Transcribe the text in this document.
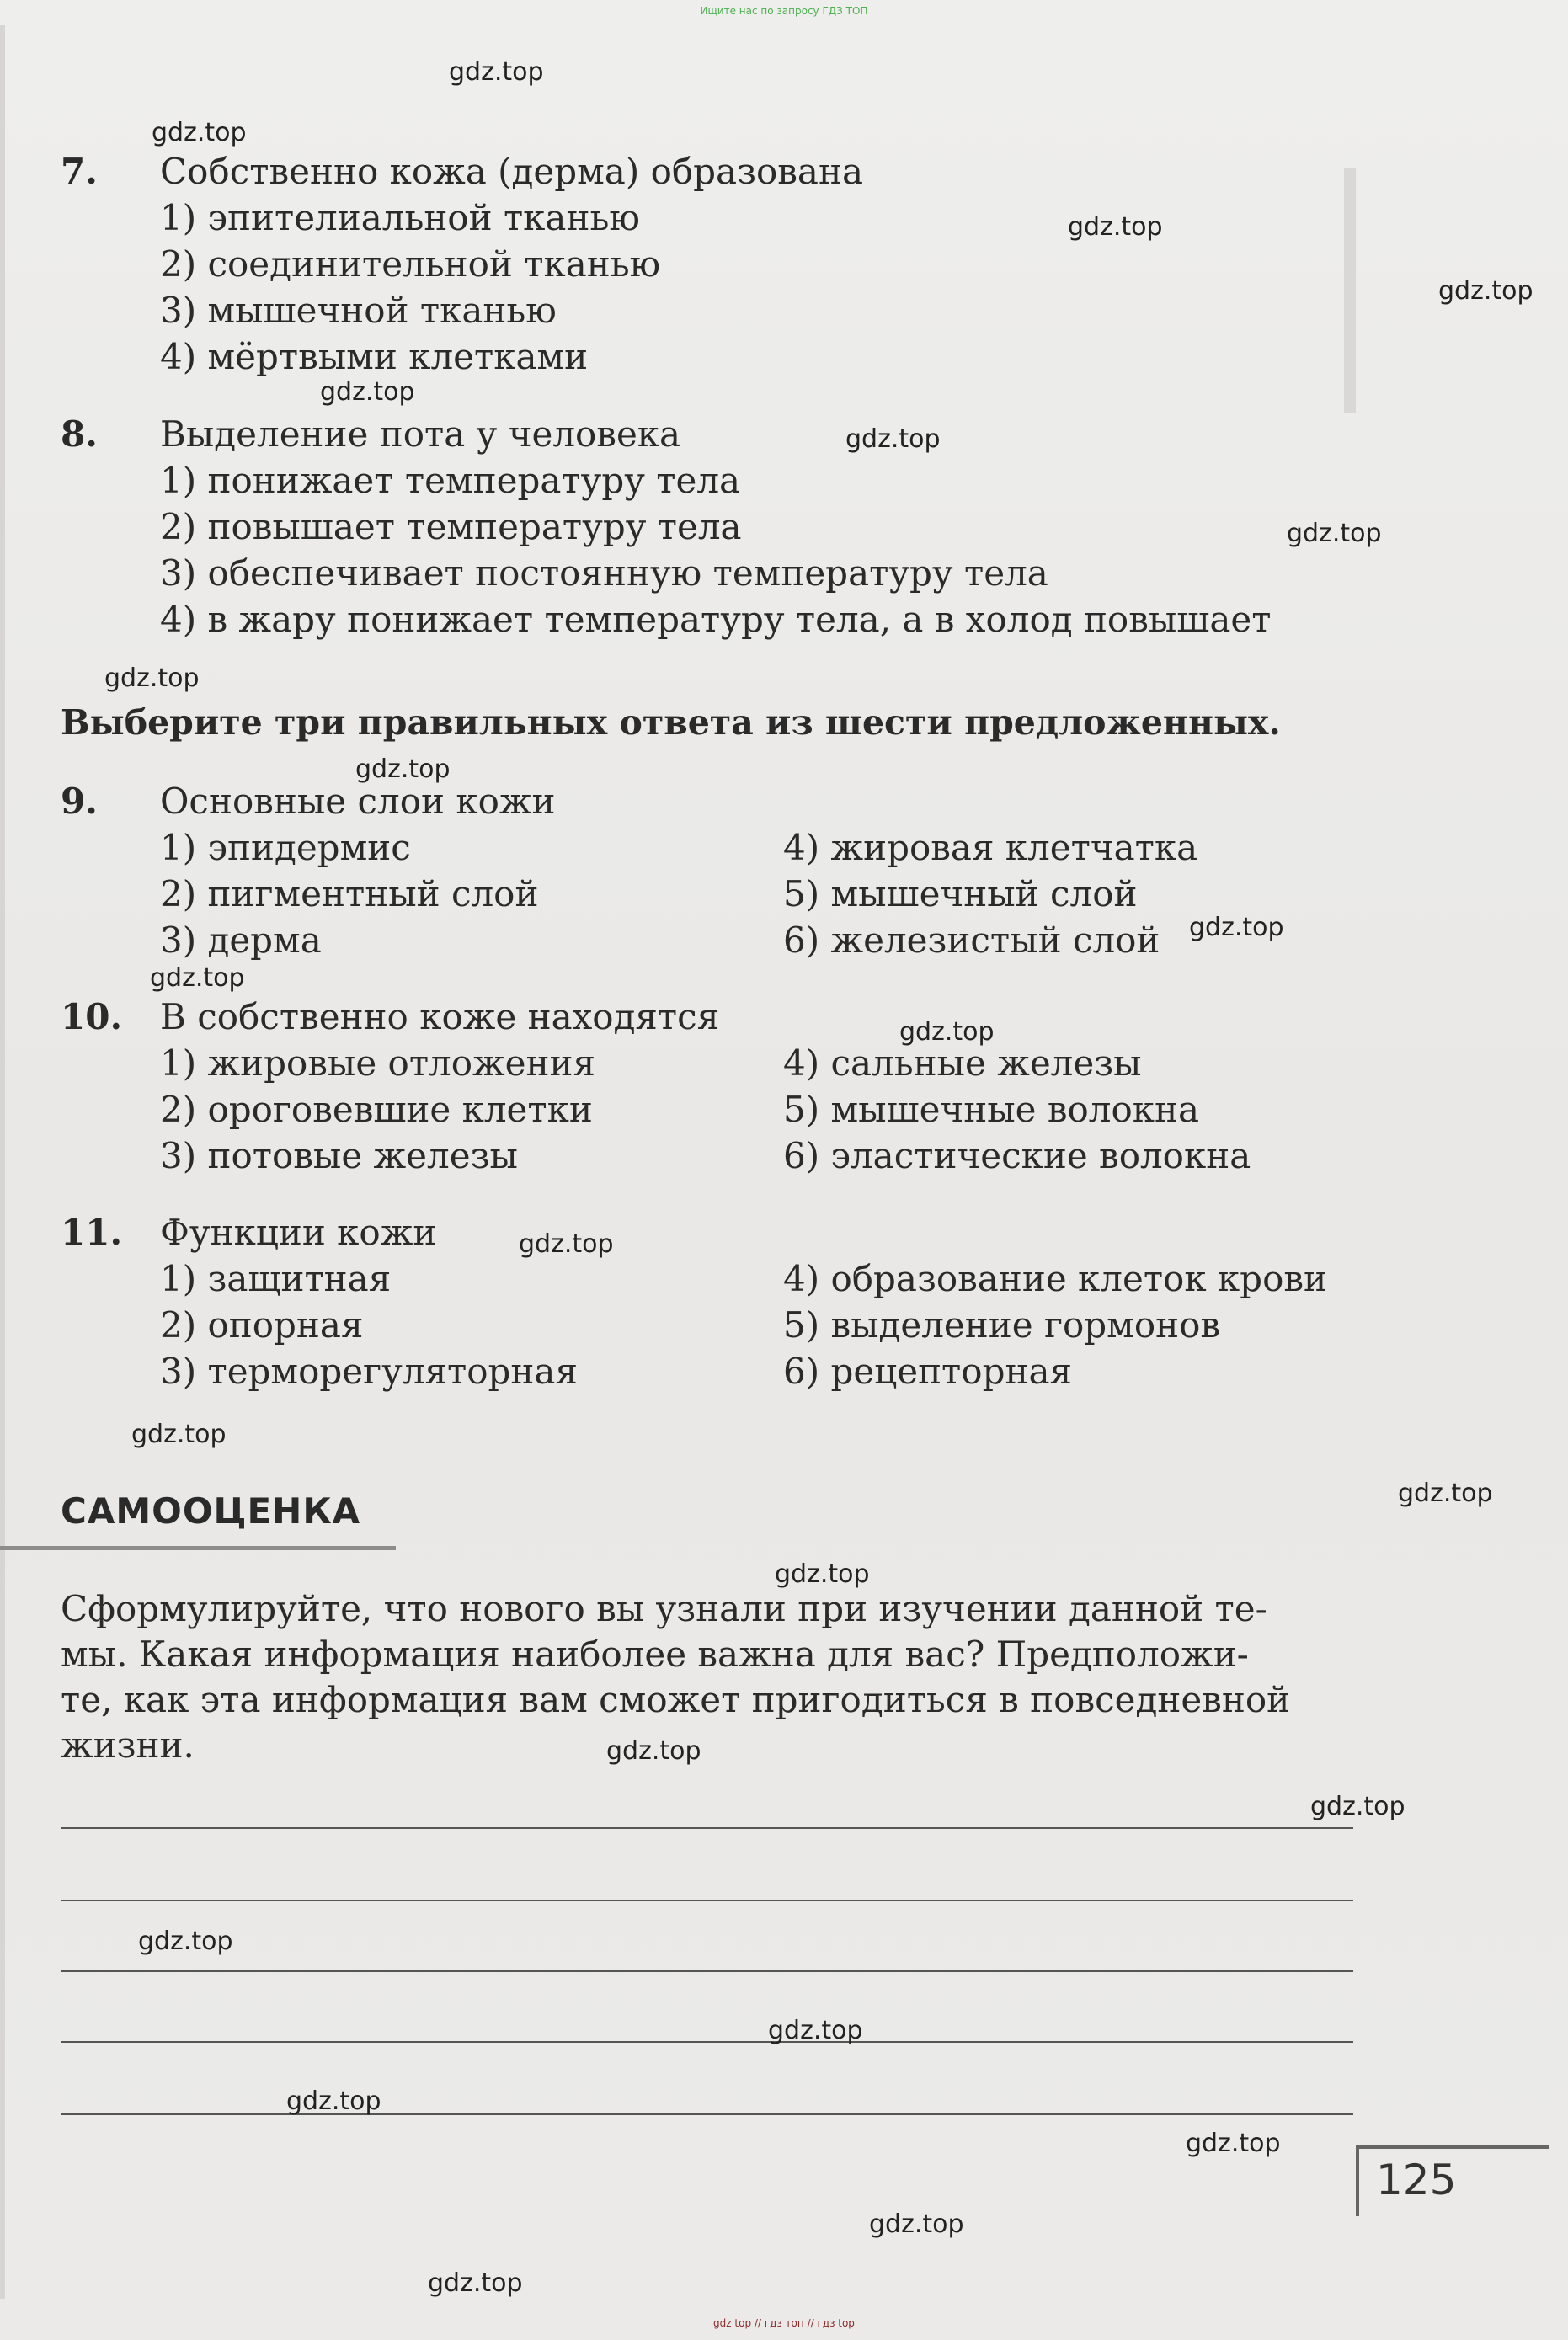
Ищите нас по запросу ГДЗ ТОП
7. Собственно кожа (дерма) образована
1) эпителиальной тканью
2) соединительной тканью
3) мышечной тканью
4) мёртвыми клетками
8. Выделение пота у человека
1) понижает температуру тела
2) повышает температуру тела
3) обеспечивает постоянную температуру тела
4) в жару понижает температуру тела, а в холод повышает
Выберите три правильных ответа из шести предложенных.
9. Основные слои кожи
1) эпидермис
2) пигментный слой
3) дерма
4) жировая клетчатка
5) мышечный слой
6) железистый слой
10. В собственно коже находятся
1) жировые отложения
2) ороговевшие клетки
3) потовые железы
4) сальные железы
5) мышечные волокна
6) эластические волокна
11. Функции кожи
1) защитная
2) опорная
3) терморегуляторная
4) образование клеток крови
5) выделение гормонов
6) рецепторная
САМООЦЕНКА
Сформулируйте, что нового вы узнали при изучении данной те-
мы. Какая информация наиболее важна для вас? Предположи-
те, как эта информация вам сможет пригодиться в повседневной
жизни.
125
gdz.top
gdz.top
gdz.top
gdz.top
gdz.top
gdz.top
gdz.top
gdz.top
gdz.top
gdz.top
gdz.top
gdz.top
gdz.top
gdz.top
gdz.top
gdz.top
gdz.top
gdz.top
gdz.top
gdz.top
gdz.top
gdz.top
gdz.top
gdz.top
gdz top // гдз топ // гдз top
